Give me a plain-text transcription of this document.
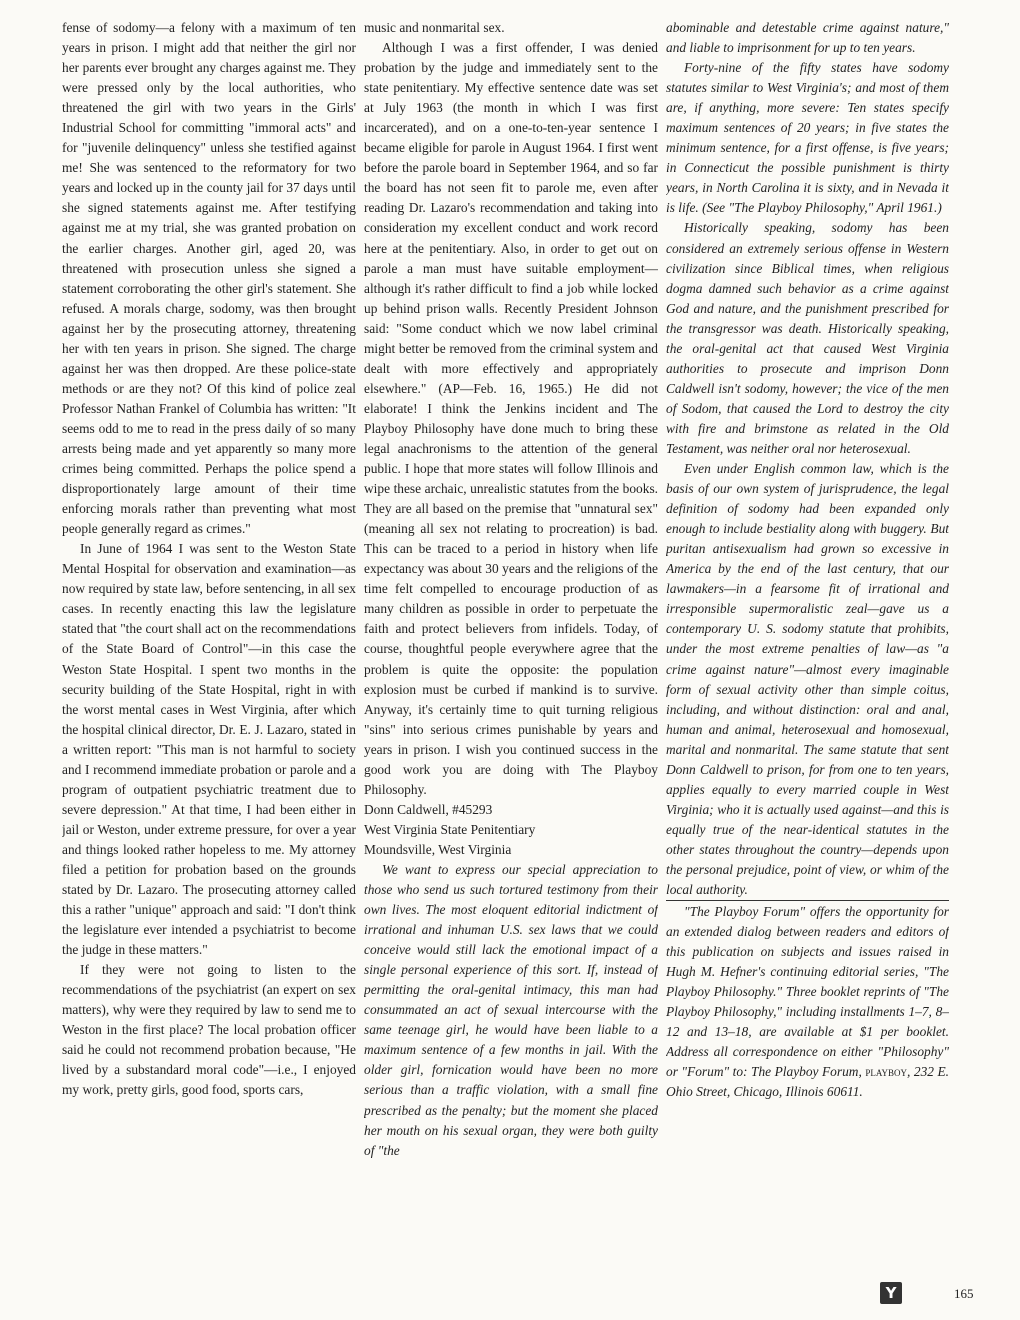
fense of sodomy—a felony with a maximum of ten years in prison. I might add that neither the girl nor her parents ever brought any charges against me. They were pressed only by the local authorities, who threatened the girl with two years in the Girls' Industrial School for committing "immoral acts" and for "juvenile delinquency" unless she testified against me! She was sentenced to the reformatory for two years and locked up in the county jail for 37 days until she signed statements against me. After testifying against me at my trial, she was granted probation on the earlier charges. Another girl, aged 20, was threatened with prosecution unless she signed a statement corroborating the other girl's statement. She refused. A morals charge, sodomy, was then brought against her by the prosecuting attorney, threatening her with ten years in prison. She signed. The charge against her was then dropped. Are these police-state methods or are they not? Of this kind of police zeal Professor Nathan Frankel of Columbia has written: "It seems odd to me to read in the press daily of so many arrests being made and yet apparently so many more crimes being committed. Perhaps the police spend a disproportionately large amount of their time enforcing morals rather than preventing what most people generally regard as crimes."

In June of 1964 I was sent to the Weston State Mental Hospital for observation and examination—as now required by state law, before sentencing, in all sex cases. In recently enacting this law the legislature stated that "the court shall act on the recommendations of the State Board of Control"—in this case the Weston State Hospital. I spent two months in the security building of the State Hospital, right in with the worst mental cases in West Virginia, after which the hospital clinical director, Dr. E. J. Lazaro, stated in a written report: "This man is not harmful to society and I recommend immediate probation or parole and a program of outpatient psychiatric treatment due to severe depression." At that time, I had been either in jail or Weston, under extreme pressure, for over a year and things looked rather hopeless to me. My attorney filed a petition for probation based on the grounds stated by Dr. Lazaro. The prosecuting attorney called this a rather "unique" approach and said: "I don't think the legislature ever intended a psychiatrist to become the judge in these matters."

If they were not going to listen to the recommendations of the psychiatrist (an expert on sex matters), why were they required by law to send me to Weston in the first place? The local probation officer said he could not recommend probation because, "He lived by a substandard moral code"—i.e., I enjoyed my work, pretty girls, good food, sports cars,

music and nonmarital sex.

Although I was a first offender, I was denied probation by the judge and immediately sent to the state penitentiary. My effective sentence date was set at July 1963 (the month in which I was first incarcerated), and on a one-to-ten-year sentence I became eligible for parole in August 1964. I first went before the parole board in September 1964, and so far the board has not seen fit to parole me, even after reading Dr. Lazaro's recommendation and taking into consideration my excellent conduct and work record here at the penitentiary. Also, in order to get out on parole a man must have suitable employment—although it's rather difficult to find a job while locked up behind prison walls. Recently President Johnson said: "Some conduct which we now label criminal might better be removed from the criminal system and dealt with more effectively and appropriately elsewhere." (AP—Feb. 16, 1965.) He did not elaborate! I think the Jenkins incident and The Playboy Philosophy have done much to bring these legal anachronisms to the attention of the general public. I hope that more states will follow Illinois and wipe these archaic, unrealistic statutes from the books. They are all based on the premise that "unnatural sex" (meaning all sex not relating to procreation) is bad. This can be traced to a period in history when life expectancy was about 30 years and the religions of the time felt compelled to encourage production of as many children as possible in order to perpetuate the faith and protect believers from infidels. Today, of course, thoughtful people everywhere agree that the problem is quite the opposite: the population explosion must be curbed if mankind is to survive. Anyway, it's certainly time to quit turning religious "sins" into serious crimes punishable by years and years in prison. I wish you continued success in the good work you are doing with The Playboy Philosophy.

Donn Caldwell, #45293

West Virginia State Penitentiary

Moundsville, West Virginia

We want to express our special appreciation to those who send us such tortured testimony from their own lives. The most eloquent editorial indictment of irrational and inhuman U.S. sex laws that we could conceive would still lack the emotional impact of a single personal experience of this sort. If, instead of permitting the oral-genital intimacy, this man had consummated an act of sexual intercourse with the same teenage girl, he would have been liable to a maximum sentence of a few months in jail. With the older girl, fornication would have been no more serious than a traffic violation, with a small fine prescribed as the penalty; but the moment she placed her mouth on his sexual organ, they were both guilty of "the

abominable and detestable crime against nature," and liable to imprisonment for up to ten years.

Forty-nine of the fifty states have sodomy statutes similar to West Virginia's; and most of them are, if anything, more severe: Ten states specify maximum sentences of 20 years; in five states the minimum sentence, for a first offense, is five years; in Connecticut the possible punishment is thirty years, in North Carolina it is sixty, and in Nevada it is life. (See "The Playboy Philosophy," April 1961.)

Historically speaking, sodomy has been considered an extremely serious offense in Western civilization since Biblical times, when religious dogma damned such behavior as a crime against God and nature, and the punishment prescribed for the transgressor was death. Historically speaking, the oral-genital act that caused West Virginia authorities to prosecute and imprison Donn Caldwell isn't sodomy, however; the vice of the men of Sodom, that caused the Lord to destroy the city with fire and brimstone as related in the Old Testament, was neither oral nor heterosexual.

Even under English common law, which is the basis of our own system of jurisprudence, the legal definition of sodomy had been expanded only enough to include bestiality along with buggery. But puritan antisexualism had grown so excessive in America by the end of the last century, that our lawmakers—in a fearsome fit of irrational and irresponsible supermoralistic zeal—gave us a contemporary U. S. sodomy statute that prohibits, under the most extreme penalties of law—as "a crime against nature"—almost every imaginable form of sexual activity other than simple coitus, including, and without distinction: oral and anal, human and animal, heterosexual and homosexual, marital and nonmarital. The same statute that sent Donn Caldwell to prison, for from one to ten years, applies equally to every married couple in West Virginia; who it is actually used against—and this is equally true of the near-identical statutes in the other states throughout the country—depends upon the personal prejudice, point of view, or whim of the local authority.

"The Playboy Forum" offers the opportunity for an extended dialog between readers and editors of this publication on subjects and issues raised in Hugh M. Hefner's continuing editorial series, "The Playboy Philosophy." Three booklet reprints of "The Playboy Philosophy," including installments 1–7, 8–12 and 13–18, are available at $1 per booklet. Address all correspondence on either "Philosophy" or "Forum" to: The Playboy Forum, playboy, 232 E. Ohio Street, Chicago, Illinois 60611.

Y	165
